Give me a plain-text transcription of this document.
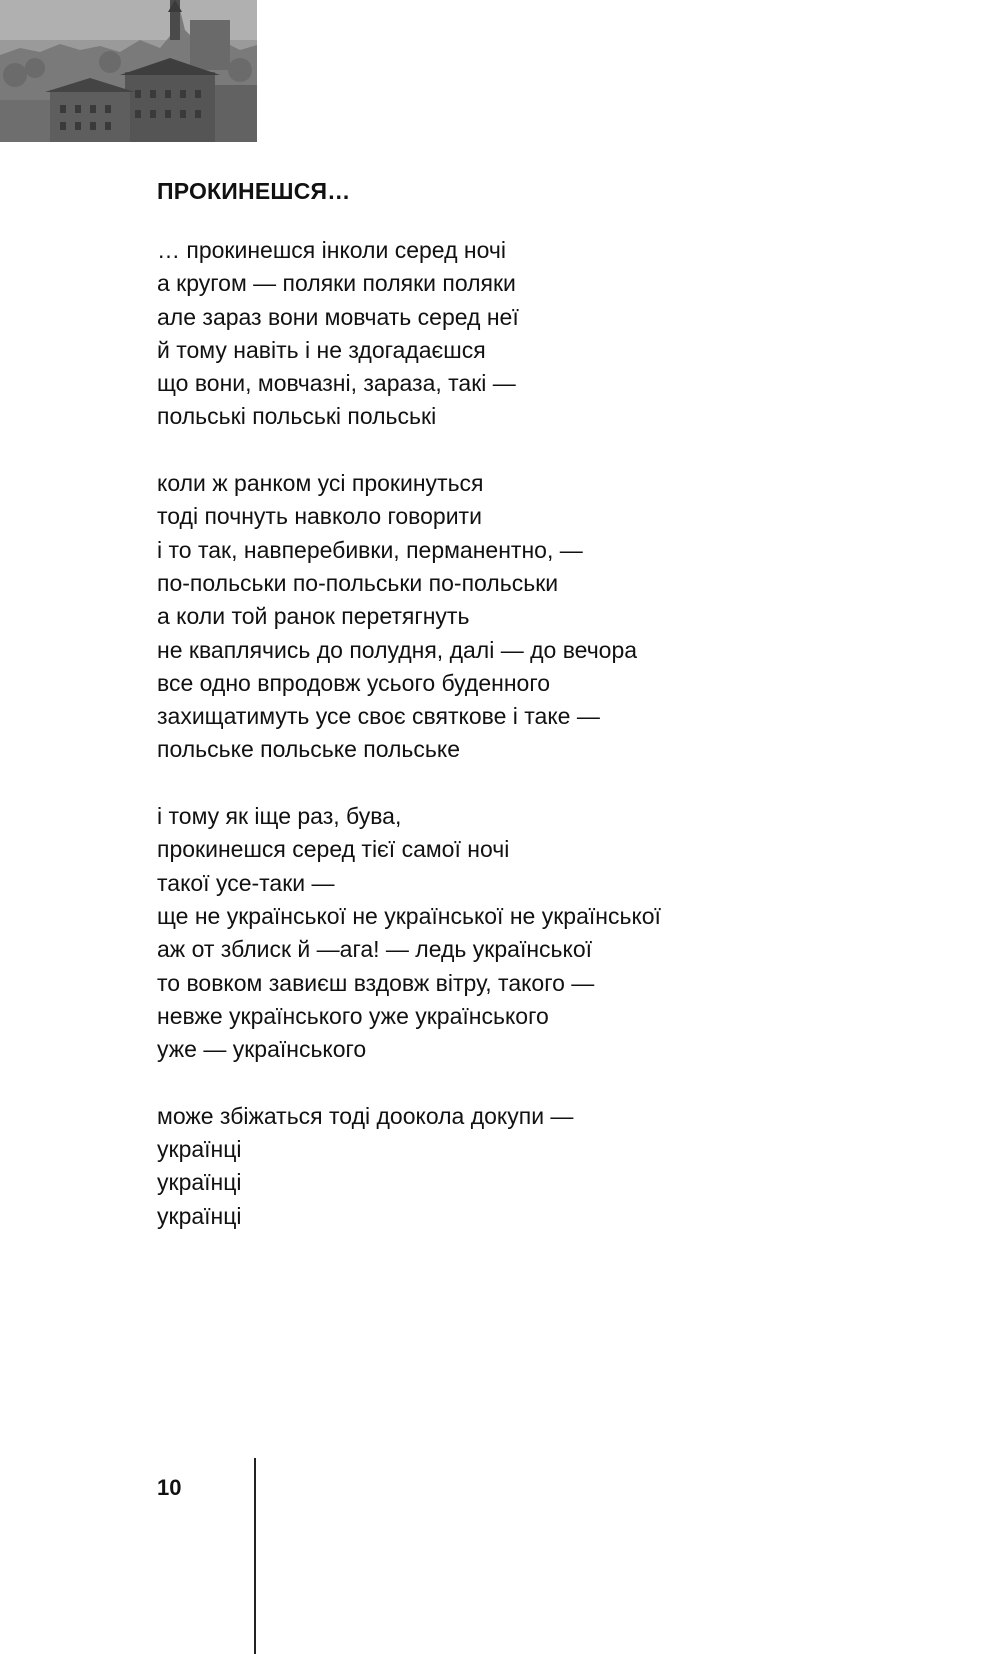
ПРОКИНЕШСЯ…
… прокинешся інколи серед ночі
а кругом — поляки поляки поляки
але зараз вони мовчать серед неї
й тому навіть і не здогадаєшся
що вони, мовчазні, зараза, такі —
польські польські польські
коли ж ранком усі прокинуться
тоді почнуть навколо говорити
і то так, навперебивки, перманентно, —
по-польськи по-польськи по-польськи
а коли той ранок перетягнуть
не кваплячись до полудня, далі — до вечора
все одно впродовж усього буденного
захищатимуть усе своє святкове і таке —
польське польське польське
і тому як іще раз, бува,
прокинешся серед тієї самої ночі
такої усе-таки —
ще не української не української не української
аж от зблиск й —ага! — ледь української
то вовком завиєш вздовж вітру, такого —
невже українського уже українського
уже — українського
може збіжаться тоді доокола докупи —
українці
українці
українці
10
